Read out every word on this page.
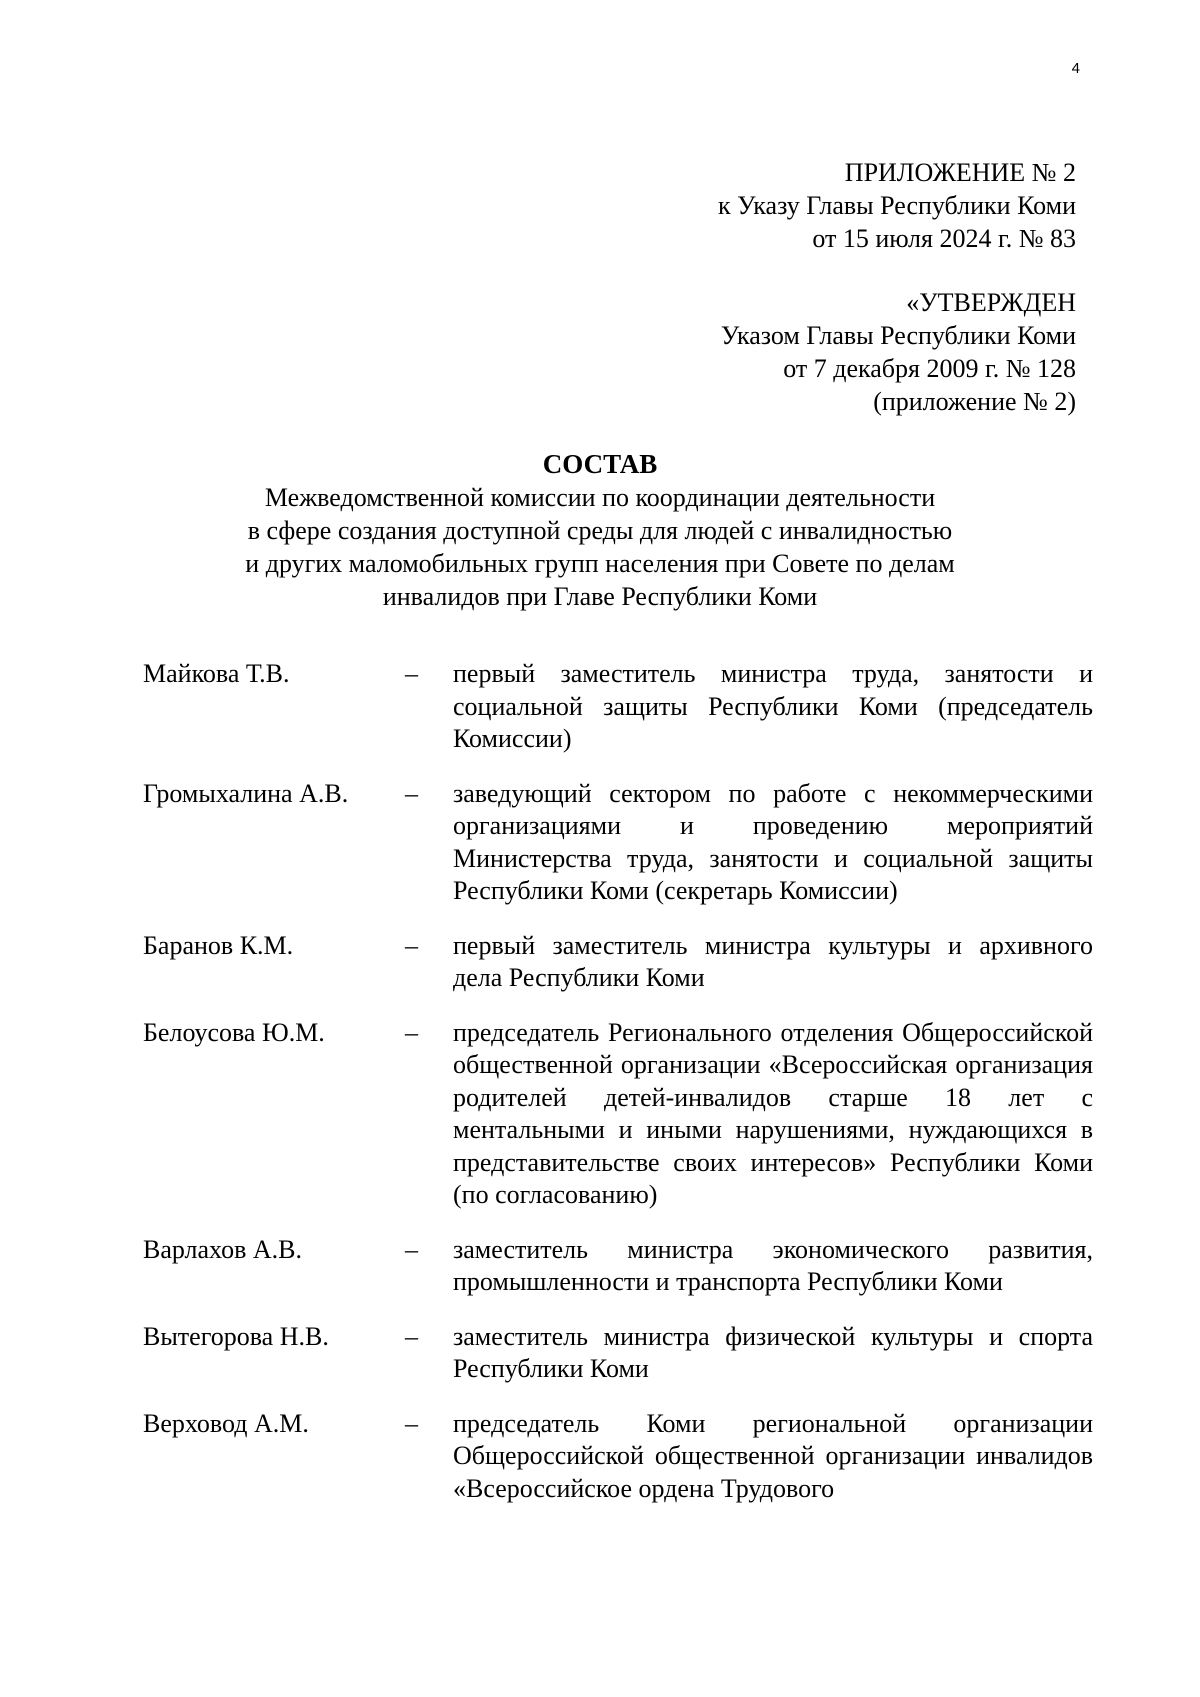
4
ПРИЛОЖЕНИЕ № 2
к Указу Главы Республики Коми
от 15 июля 2024 г. № 83
«УТВЕРЖДЕН
Указом Главы Республики Коми
от 7 декабря 2009 г. № 128
(приложение № 2)
СОСТАВ
Межведомственной комиссии по координации деятельности
в сфере создания доступной среды для людей с инвалидностью
и других маломобильных групп населения при Совете по делам
инвалидов при Главе Республики Коми
Майкова Т.В.	–	первый заместитель министра труда, занятости и социальной защиты Республики Коми (председатель Комиссии)
Громыхалина А.В.	–	заведующий сектором по работе с некоммерческими организациями и проведению мероприятий Министерства труда, занятости и социальной защиты Республики Коми (секретарь Комиссии)
Баранов К.М.	–	первый заместитель министра культуры и архивного дела Республики Коми
Белоусова Ю.М.	–	председатель Регионального отделения Общероссийской общественной организации «Всероссийская организация родителей детей-инвалидов старше 18 лет с ментальными и иными нарушениями, нуждающихся в представительстве своих интересов» Республики Коми (по согласованию)
Варлахов А.В.	–	заместитель министра экономического развития, промышленности и транспорта Республики Коми
Вытегорова Н.В.	–	заместитель министра физической культуры и спорта Республики Коми
Верховод А.М.	–	председатель Коми региональной организации Общероссийской общественной организации инвалидов «Всероссийское ордена Трудового
